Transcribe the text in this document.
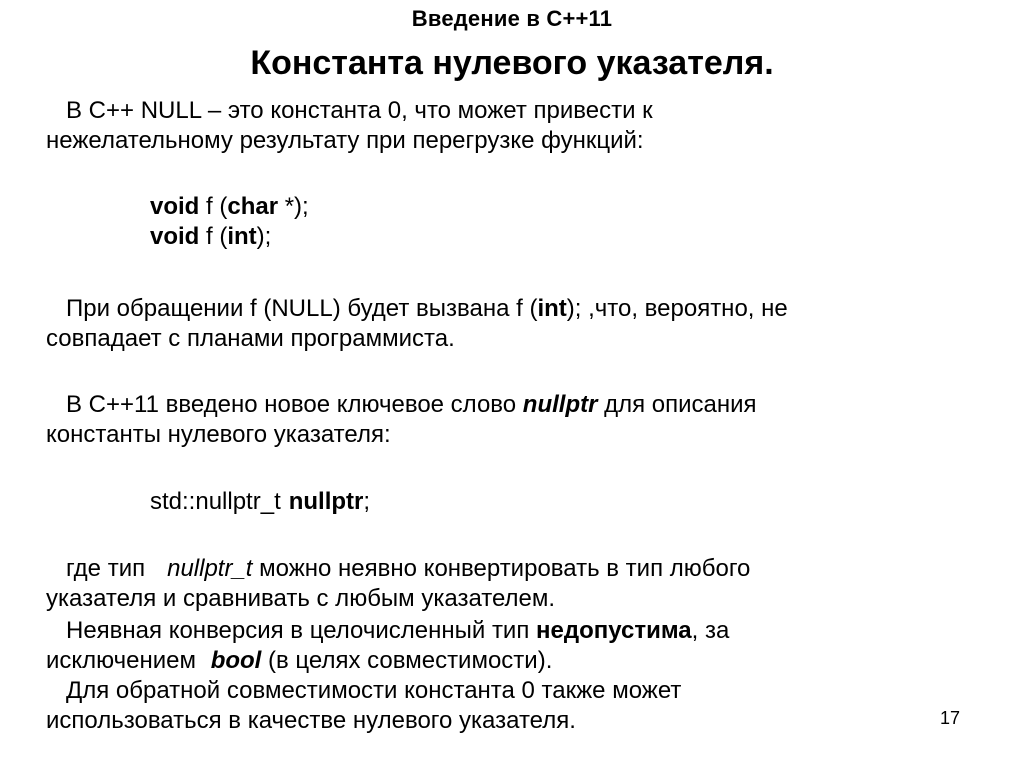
Введение в C++11
Константа нулевого указателя.
В С++ NULL – это константа 0, что может привести к
нежелательному результату при перегрузке функций:
void f (char *);
void f (int);
При обращении f (NULL) будет вызвана f (int); ,что, вероятно, не
совпадает с планами программиста.
В С++11 введено новое ключевое слово nullptr для описания
константы нулевого указателя:
std::nullptr_t nullptr;
где тип nullptr_t можно неявно конвертировать в тип любого
указателя и сравнивать с любым указателем.
Неявная конверсия в целочисленный тип недопустима, за
исключением bool (в целях совместимости).
Для обратной совместимости константа 0 также может
использоваться в качестве нулевого указателя.	17
